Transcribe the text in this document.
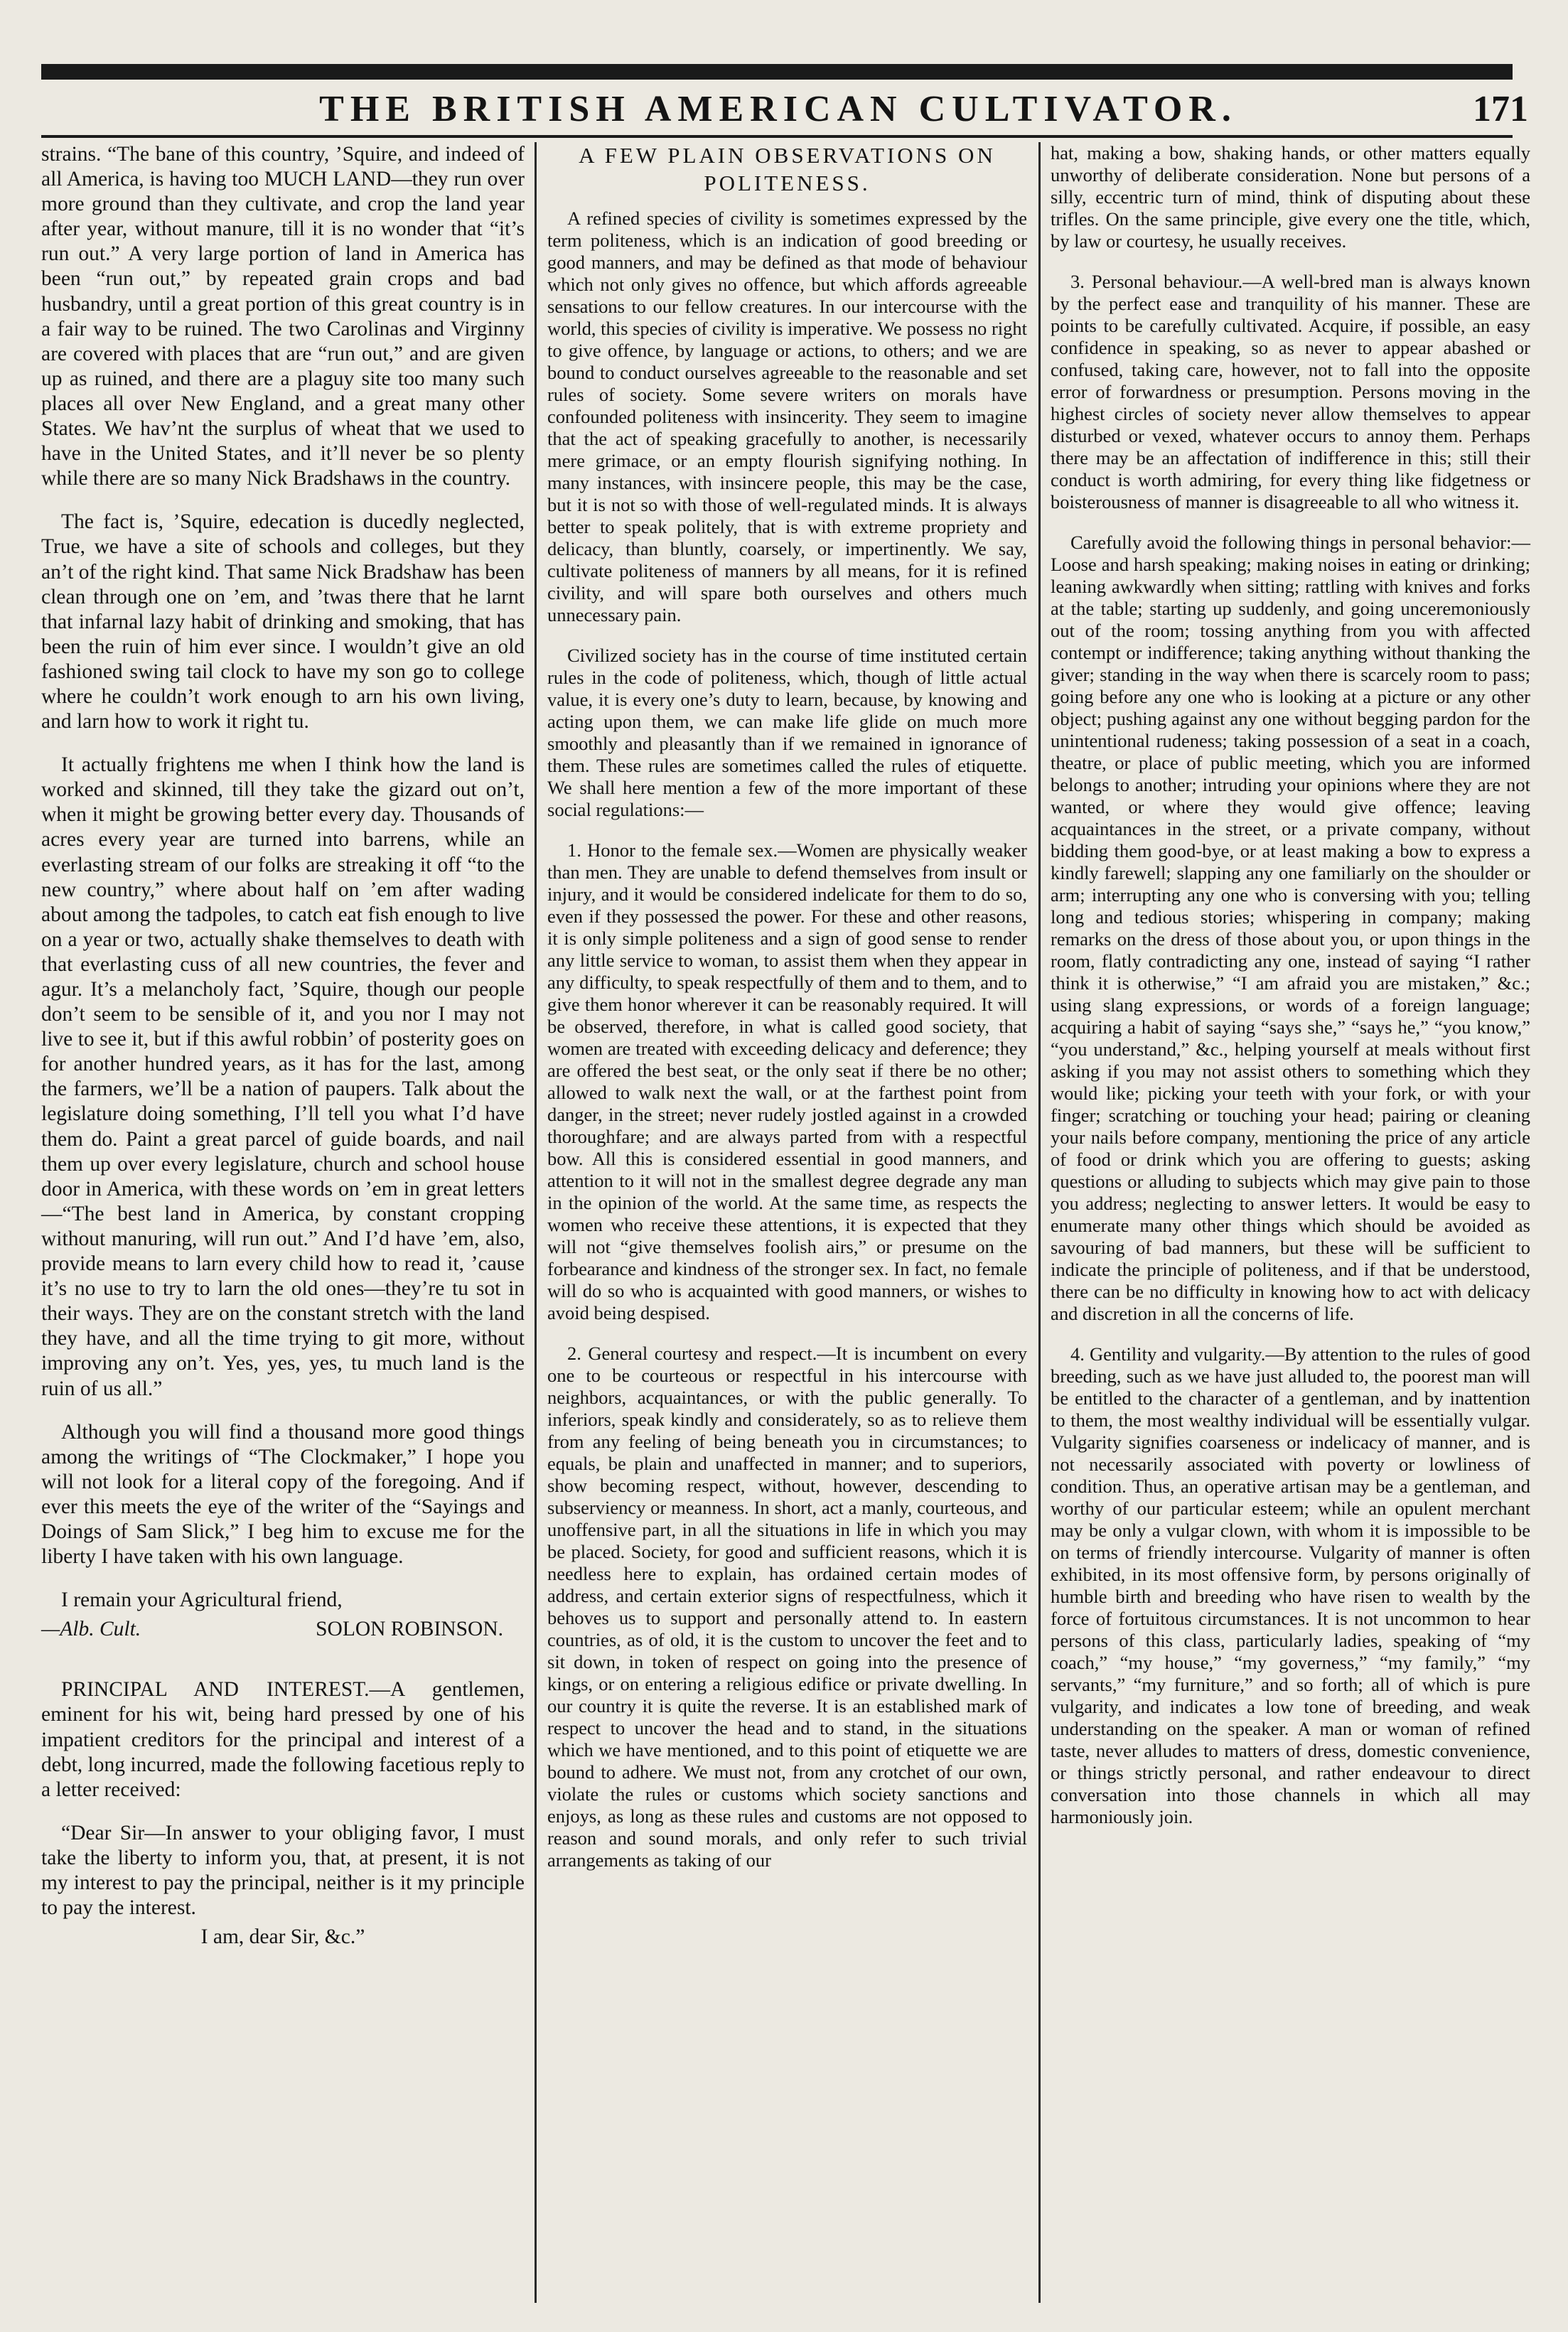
THE BRITISH AMERICAN CULTIVATOR.	171

strains. “The bane of this country, ’Squire, and indeed of all America, is having too MUCH LAND—they run over more ground than they cultivate, and crop the land year after year, without manure, till it is no wonder that “it’s run out.” A very large portion of land in America has been “run out,” by repeated grain crops and bad husbandry, until a great portion of this great country is in a fair way to be ruined. The two Carolinas and Virginny are covered with places that are “run out,” and are given up as ruined, and there are a plaguy site too many such places all over New England, and a great many other States. We hav’nt the surplus of wheat that we used to have in the United States, and it’ll never be so plenty while there are so many Nick Bradshaws in the country.

The fact is, ’Squire, edecation is ducedly neglected, True, we have a site of schools and colleges, but they an’t of the right kind. That same Nick Bradshaw has been clean through one on ’em, and ’twas there that he larnt that infarnal lazy habit of drinking and smoking, that has been the ruin of him ever since. I wouldn’t give an old fashioned swing tail clock to have my son go to college where he couldn’t work enough to arn his own living, and larn how to work it right tu.

It actually frightens me when I think how the land is worked and skinned, till they take the gizard out on’t, when it might be growing better every day. Thousands of acres every year are turned into barrens, while an everlasting stream of our folks are streaking it off “to the new country,” where about half on ’em after wading about among the tadpoles, to catch eat fish enough to live on a year or two, actually shake themselves to death with that everlasting cuss of all new countries, the fever and agur. It’s a melancholy fact, ’Squire, though our people don’t seem to be sensible of it, and you nor I may not live to see it, but if this awful robbin’ of posterity goes on for another hundred years, as it has for the last, among the farmers, we’ll be a nation of paupers. Talk about the legislature doing something, I’ll tell you what I’d have them do. Paint a great parcel of guide boards, and nail them up over every legislature, church and school house door in America, with these words on ’em in great letters—“The best land in America, by constant cropping without manuring, will run out.” And I’d have ’em, also, provide means to larn every child how to read it, ’cause it’s no use to try to larn the old ones—they’re tu sot in their ways. They are on the constant stretch with the land they have, and all the time trying to git more, without improving any on’t. Yes, yes, yes, tu much land is the ruin of us all.”

Although you will find a thousand more good things among the writings of “The Clockmaker,” I hope you will not look for a literal copy of the foregoing. And if ever this meets the eye of the writer of the “Sayings and Doings of Sam Slick,” I beg him to excuse me for the liberty I have taken with his own language.

I remain your Agricultural friend,

—Alb. Cult.	SOLON ROBINSON.

PRINCIPAL AND INTEREST.—A gentlemen, eminent for his wit, being hard pressed by one of his impatient creditors for the principal and interest of a debt, long incurred, made the following facetious reply to a letter received:

“Dear Sir—In answer to your obliging favor, I must take the liberty to inform you, that, at present, it is not my interest to pay the principal, neither is it my principle to pay the interest.

I am, dear Sir, &c.”

A FEW PLAIN OBSERVATIONS ON POLITENESS.

A refined species of civility is sometimes expressed by the term politeness, which is an indication of good breeding or good manners, and may be defined as that mode of behaviour which not only gives no offence, but which affords agreeable sensations to our fellow creatures. In our intercourse with the world, this species of civility is imperative. We possess no right to give offence, by language or actions, to others; and we are bound to conduct ourselves agreeable to the reasonable and set rules of society. Some severe writers on morals have confounded politeness with insincerity. They seem to imagine that the act of speaking gracefully to another, is necessarily mere grimace, or an empty flourish signifying nothing. In many instances, with insincere people, this may be the case, but it is not so with those of well-regulated minds. It is always better to speak politely, that is with extreme propriety and delicacy, than bluntly, coarsely, or impertinently. We say, cultivate politeness of manners by all means, for it is refined civility, and will spare both ourselves and others much unnecessary pain.

Civilized society has in the course of time instituted certain rules in the code of politeness, which, though of little actual value, it is every one’s duty to learn, because, by knowing and acting upon them, we can make life glide on much more smoothly and pleasantly than if we remained in ignorance of them. These rules are sometimes called the rules of etiquette. We shall here mention a few of the more important of these social regulations:—

1. Honor to the female sex.—Women are physically weaker than men. They are unable to defend themselves from insult or injury, and it would be considered indelicate for them to do so, even if they possessed the power. For these and other reasons, it is only simple politeness and a sign of good sense to render any little service to woman, to assist them when they appear in any difficulty, to speak respectfully of them and to them, and to give them honor wherever it can be reasonably required. It will be observed, therefore, in what is called good society, that women are treated with exceeding delicacy and deference; they are offered the best seat, or the only seat if there be no other; allowed to walk next the wall, or at the farthest point from danger, in the street; never rudely jostled against in a crowded thoroughfare; and are always parted from with a respectful bow. All this is considered essential in good manners, and attention to it will not in the smallest degree degrade any man in the opinion of the world. At the same time, as respects the women who receive these attentions, it is expected that they will not “give themselves foolish airs,” or presume on the forbearance and kindness of the stronger sex. In fact, no female will do so who is acquainted with good manners, or wishes to avoid being despised.

2. General courtesy and respect.—It is incumbent on every one to be courteous or respectful in his intercourse with neighbors, acquaintances, or with the public generally. To inferiors, speak kindly and considerately, so as to relieve them from any feeling of being beneath you in circumstances; to equals, be plain and unaffected in manner; and to superiors, show becoming respect, without, however, descending to subserviency or meanness. In short, act a manly, courteous, and unoffensive part, in all the situations in life in which you may be placed. Society, for good and sufficient reasons, which it is needless here to explain, has ordained certain modes of address, and certain exterior signs of respectfulness, which it behoves us to support and personally attend to. In eastern countries, as of old, it is the custom to uncover the feet and to sit down, in token of respect on going into the presence of kings, or on entering a religious edifice or private dwelling. In our country it is quite the reverse. It is an established mark of respect to uncover the head and to stand, in the situations which we have mentioned, and to this point of etiquette we are bound to adhere. We must not, from any crotchet of our own, violate the rules or customs which society sanctions and enjoys, as long as these rules and customs are not opposed to reason and sound morals, and only refer to such trivial arrangements as taking of our

hat, making a bow, shaking hands, or other matters equally unworthy of deliberate consideration. None but persons of a silly, eccentric turn of mind, think of disputing about these trifles. On the same principle, give every one the title, which, by law or courtesy, he usually receives.

3. Personal behaviour.—A well-bred man is always known by the perfect ease and tranquility of his manner. These are points to be carefully cultivated. Acquire, if possible, an easy confidence in speaking, so as never to appear abashed or confused, taking care, however, not to fall into the opposite error of forwardness or presumption. Persons moving in the highest circles of society never allow themselves to appear disturbed or vexed, whatever occurs to annoy them. Perhaps there may be an affectation of indifference in this; still their conduct is worth admiring, for every thing like fidgetness or boisterousness of manner is disagreeable to all who witness it.

Carefully avoid the following things in personal behavior:—Loose and harsh speaking; making noises in eating or drinking; leaning awkwardly when sitting; rattling with knives and forks at the table; starting up suddenly, and going unceremoniously out of the room; tossing anything from you with affected contempt or indifference; taking anything without thanking the giver; standing in the way when there is scarcely room to pass; going before any one who is looking at a picture or any other object; pushing against any one without begging pardon for the unintentional rudeness; taking possession of a seat in a coach, theatre, or place of public meeting, which you are informed belongs to another; intruding your opinions where they are not wanted, or where they would give offence; leaving acquaintances in the street, or a private company, without bidding them good-bye, or at least making a bow to express a kindly farewell; slapping any one familiarly on the shoulder or arm; interrupting any one who is conversing with you; telling long and tedious stories; whispering in company; making remarks on the dress of those about you, or upon things in the room, flatly contradicting any one, instead of saying “I rather think it is otherwise,” “I am afraid you are mistaken,” &c.; using slang expressions, or words of a foreign language; acquiring a habit of saying “says she,” “says he,” “you know,” “you understand,” &c., helping yourself at meals without first asking if you may not assist others to something which they would like; picking your teeth with your fork, or with your finger; scratching or touching your head; pairing or cleaning your nails before company, mentioning the price of any article of food or drink which you are offering to guests; asking questions or alluding to subjects which may give pain to those you address; neglecting to answer letters. It would be easy to enumerate many other things which should be avoided as savouring of bad manners, but these will be sufficient to indicate the principle of politeness, and if that be understood, there can be no difficulty in knowing how to act with delicacy and discretion in all the concerns of life.

4. Gentility and vulgarity.—By attention to the rules of good breeding, such as we have just alluded to, the poorest man will be entitled to the character of a gentleman, and by inattention to them, the most wealthy individual will be essentially vulgar. Vulgarity signifies coarseness or indelicacy of manner, and is not necessarily associated with poverty or lowliness of condition. Thus, an operative artisan may be a gentleman, and worthy of our particular esteem; while an opulent merchant may be only a vulgar clown, with whom it is impossible to be on terms of friendly intercourse. Vulgarity of manner is often exhibited, in its most offensive form, by persons originally of humble birth and breeding who have risen to wealth by the force of fortuitous circumstances. It is not uncommon to hear persons of this class, particularly ladies, speaking of “my coach,” “my house,” “my governess,” “my family,” “my servants,” “my furniture,” and so forth; all of which is pure vulgarity, and indicates a low tone of breeding, and weak understanding on the speaker. A man or woman of refined taste, never alludes to matters of dress, domestic convenience, or things strictly personal, and rather endeavour to direct conversation into those channels in which all may harmoniously join.
